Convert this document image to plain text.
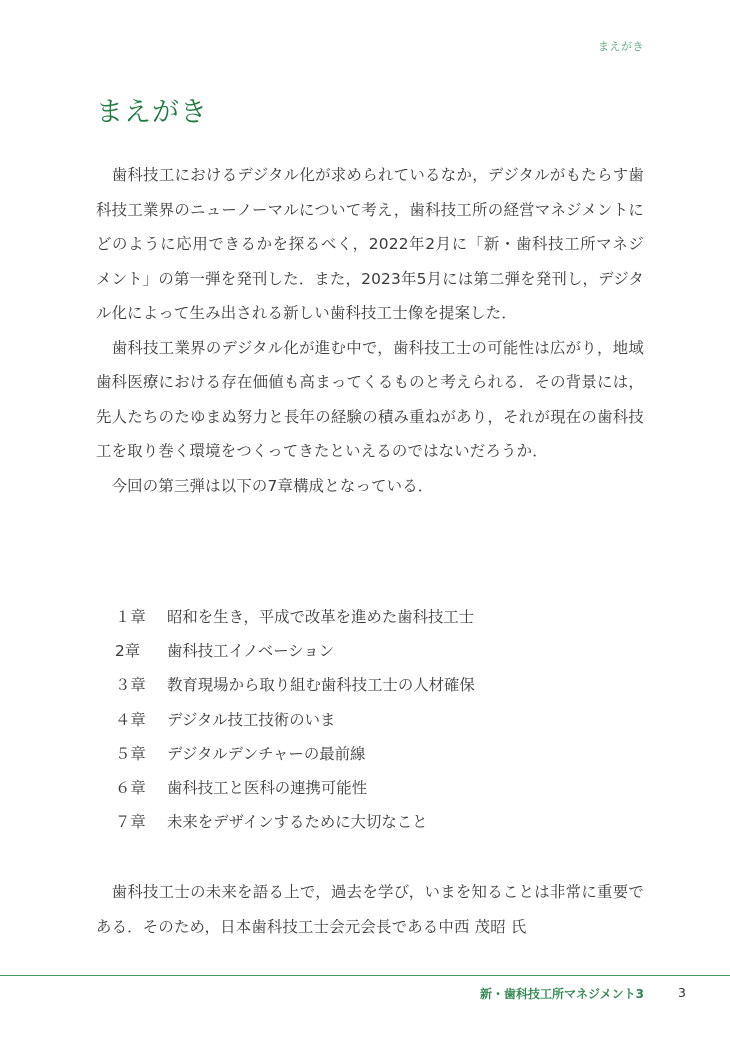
まえがき
まえがき

　歯科技工におけるデジタル化が求められているなか，デジタルがもたらす歯科技工業界のニューノーマルについて考え，歯科技工所の経営マネジメントにどのように応用できるかを探るべく，2022年2月に「新・歯科技工所マネジメント」の第一弾を発刊した．また，2023年5月には第二弾を発刊し，デジタル化によって生み出される新しい歯科技工士像を提案した．

　歯科技工業界のデジタル化が進む中で，歯科技工士の可能性は広がり，地域歯科医療における存在価値も高まってくるものと考えられる．その背景には，先人たちのたゆまぬ努力と長年の経験の積み重ねがあり，それが現在の歯科技工を取り巻く環境をつくってきたといえるのではないだろうか．

　今回の第三弾は以下の7章構成となっている．

１章	昭和を生き，平成で改革を進めた歯科技工士
2章	歯科技工イノベーション
３章	教育現場から取り組む歯科技工士の人材確保
４章	デジタル技工技術のいま
５章	デジタルデンチャーの最前線
６章	歯科技工と医科の連携可能性
７章	未来をデザインするために大切なこと

　歯科技工士の未来を語る上で，過去を学び，いまを知ることは非常に重要である．そのため，日本歯科技工士会元会長である中西 茂昭 氏

新・歯科技工所マネジメント3	3
